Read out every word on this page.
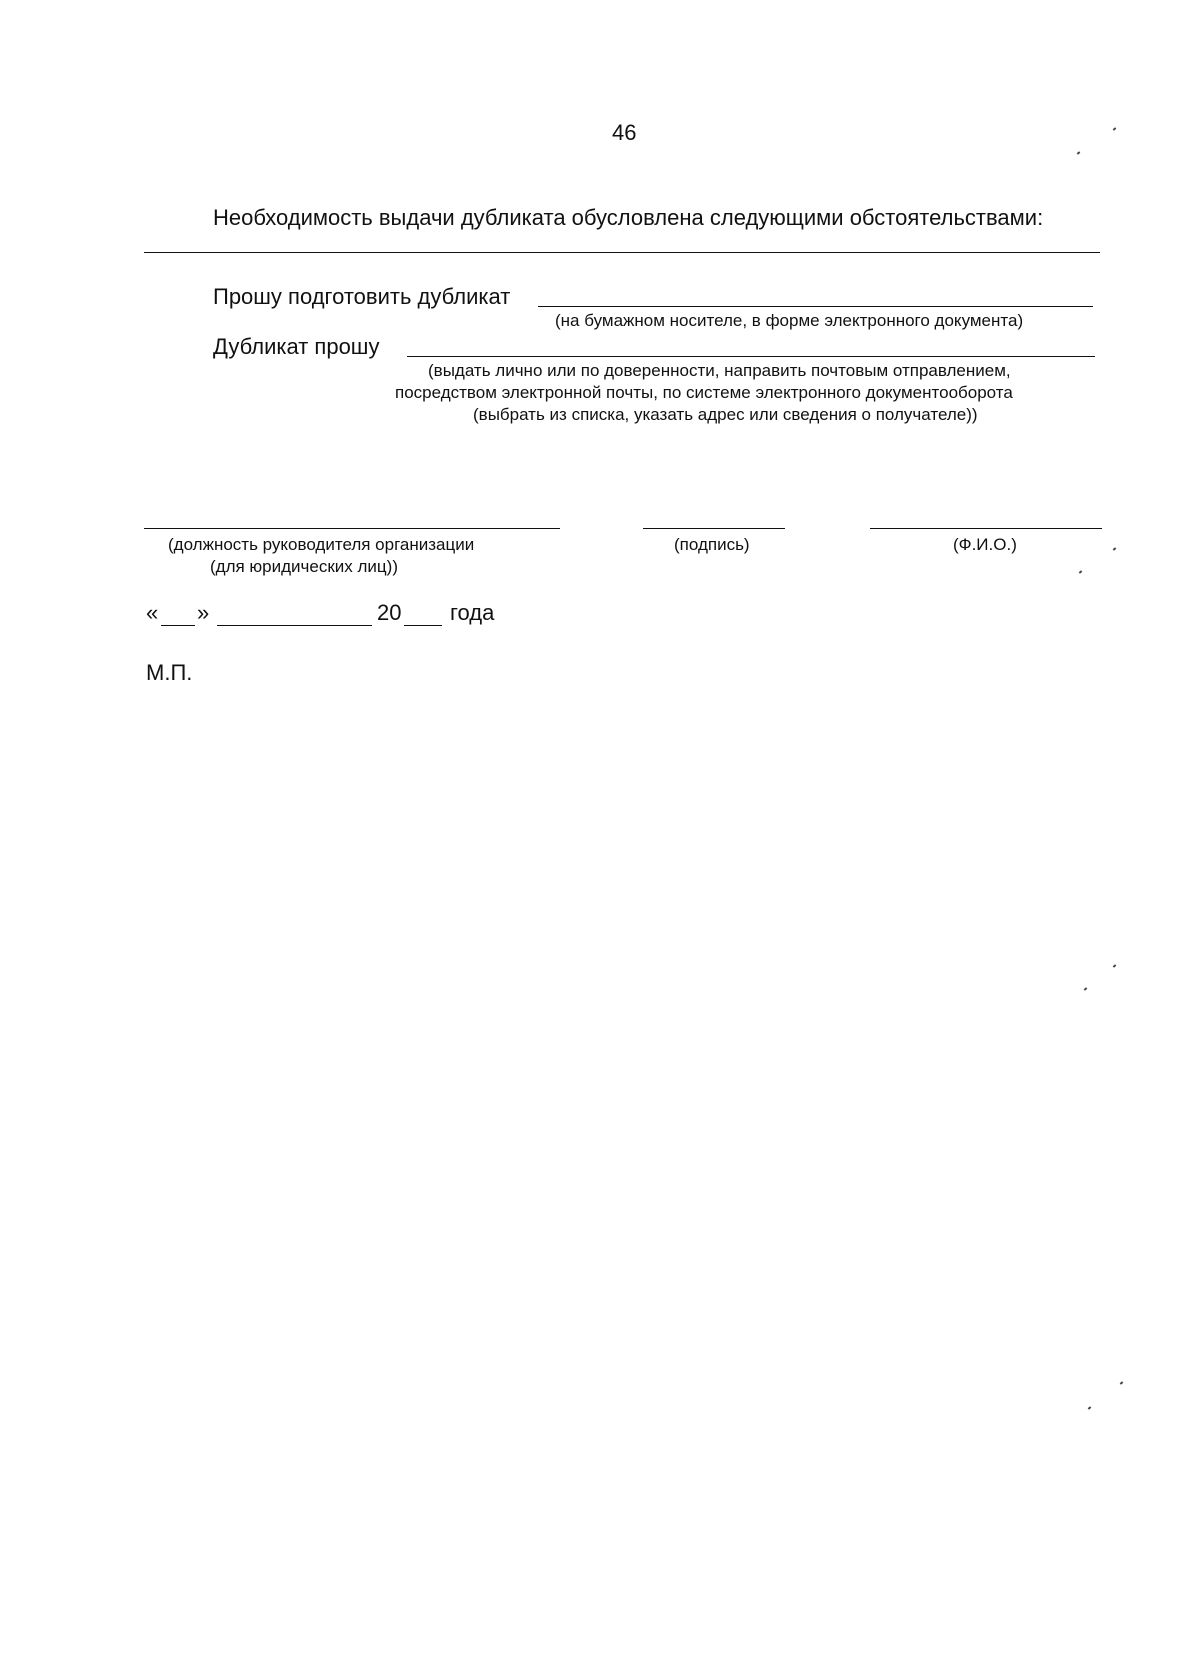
46
Необходимость выдачи дубликата обусловлена следующими обстоятельствами:
Прошу подготовить дубликат
(на бумажном носителе, в форме электронного документа)
Дубликат прошу
(выдать лично или по доверенности, направить почтовым отправлением,
посредством электронной почты, по системе электронного документооборота
(выбрать из списка, указать адрес или сведения о получателе))
(должность руководителя организации
(для юридических лиц))
(подпись)	(Ф.И.О.)
« »	20 года
М.П.
